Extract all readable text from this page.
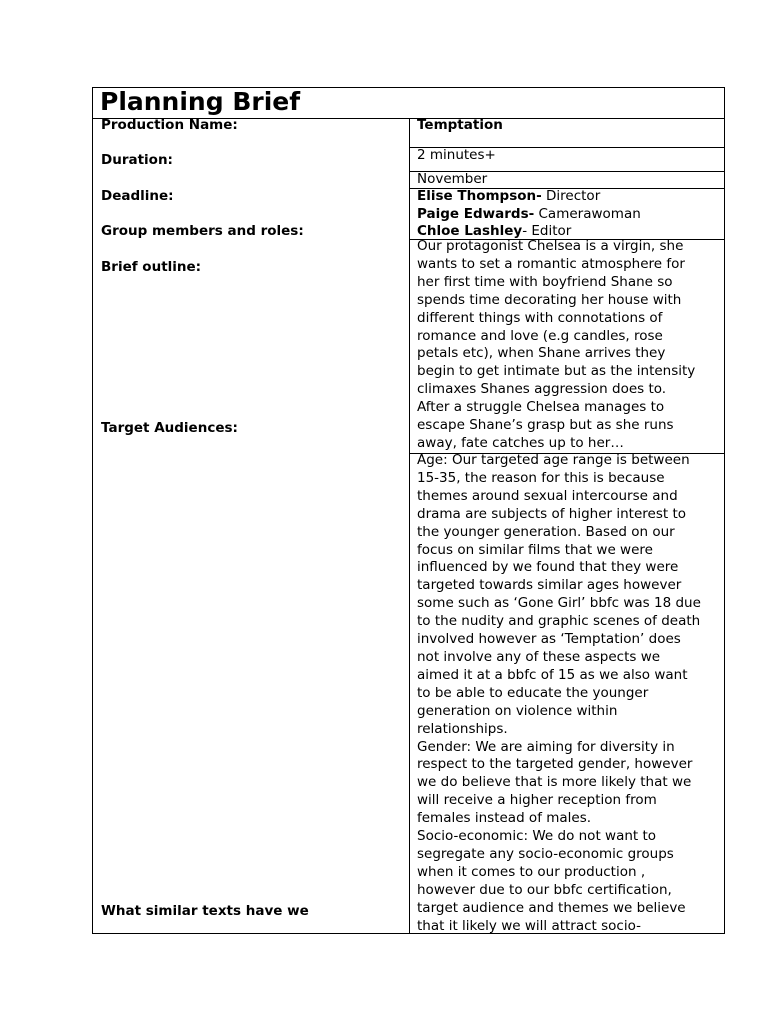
Planning Brief
Production Name:
Duration:
Deadline:
Group members and roles:
Brief outline:
Target Audiences:
What similar texts have we
Temptation
2 minutes+
November
Elise Thompson- Director
Paige Edwards- Camerawoman
Chloe Lashley- Editor
Our protagonist Chelsea is a virgin, she
wants to set a romantic atmosphere for
her first time with boyfriend Shane so
spends time decorating her house with
different things with connotations of
romance and love (e.g candles, rose
petals etc), when Shane arrives they
begin to get intimate but as the intensity
climaxes Shanes aggression does to.
After a struggle Chelsea manages to
escape Shane’s grasp but as she runs
away, fate catches up to her…
Age: Our targeted age range is between
15-35, the reason for this is because
themes around sexual intercourse and
drama are subjects of higher interest to
the younger generation. Based on our
focus on similar films that we were
influenced by we found that they were
targeted towards similar ages however
some such as ‘Gone Girl’ bbfc was 18 due
to the nudity and graphic scenes of death
involved however as ‘Temptation’ does
not involve any of these aspects we
aimed it at a bbfc of 15 as we also want
to be able to educate the younger
generation on violence within
relationships.
Gender: We are aiming for diversity in
respect to the targeted gender, however
we do believe that is more likely that we
will receive a higher reception from
females instead of males.
Socio-economic: We do not want to
segregate any socio-economic groups
when it comes to our production ,
however due to our bbfc certification,
target audience and themes we believe
that it likely we will attract socio-
